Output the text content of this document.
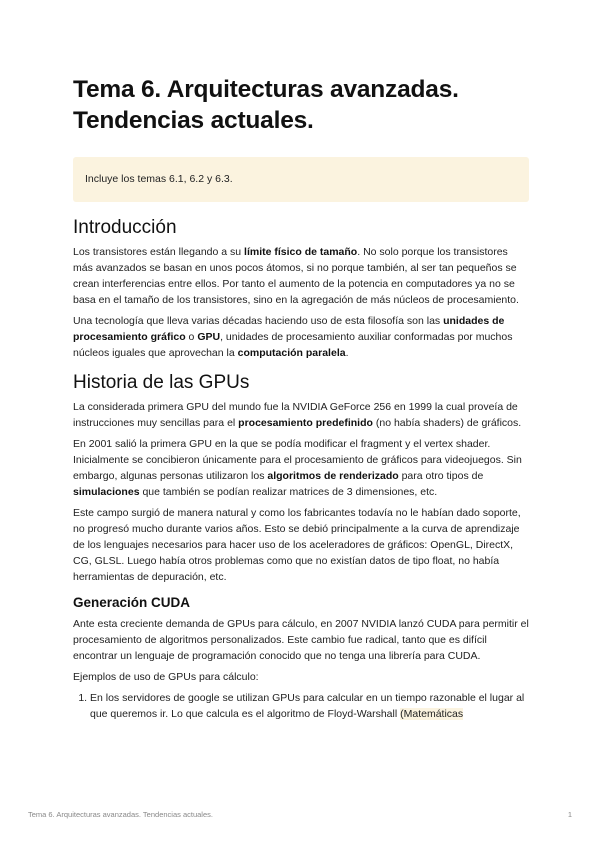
Tema 6. Arquitecturas avanzadas.
Tendencias actuales.
Incluye los temas 6.1, 6.2 y 6.3.
Introducción

Los transistores están llegando a su límite físico de tamaño. No solo porque los transistores más avanzados se basan en unos pocos átomos, si no porque también, al ser tan pequeños se crean interferencias entre ellos. Por tanto el aumento de la potencia en computadores ya no se basa en el tamaño de los transistores, sino en la agregación de más núcleos de procesamiento.

Una tecnología que lleva varias décadas haciendo uso de esta filosofía son las unidades de procesamiento gráfico o GPU, unidades de procesamiento auxiliar conformadas por muchos núcleos iguales que aprovechan la computación paralela.

Historia de las GPUs

La considerada primera GPU del mundo fue la NVIDIA GeForce 256 en 1999 la cual proveía de instrucciones muy sencillas para el procesamiento predefinido (no había shaders) de gráficos.

En 2001 salió la primera GPU en la que se podía modificar el fragment y el vertex shader. Inicialmente se concibieron únicamente para el procesamiento de gráficos para videojuegos. Sin embargo, algunas personas utilizaron los algoritmos de renderizado para otro tipos de simulaciones que también se podían realizar matrices de 3 dimensiones, etc.

Este campo surgió de manera natural y como los fabricantes todavía no le habían dado soporte, no progresó mucho durante varios años. Esto se debió principalmente a la curva de aprendizaje de los lenguajes necesarios para hacer uso de los aceleradores de gráficos: OpenGL, DirectX, CG, GLSL. Luego había otros problemas como que no existían datos de tipo float, no había herramientas de depuración, etc.

Generación CUDA

Ante esta creciente demanda de GPUs para cálculo, en 2007 NVIDIA lanzó CUDA para permitir el procesamiento de algoritmos personalizados. Este cambio fue radical, tanto que es difícil encontrar un lenguaje de programación conocido que no tenga una librería para CUDA.

Ejemplos de uso de GPUs para cálculo:

1. En los servidores de google se utilizan GPUs para calcular en un tiempo razonable el lugar al que queremos ir. Lo que calcula es el algoritmo de Floyd-Warshall (Matemáticas
Tema 6. Arquitecturas avanzadas. Tendencias actuales.	1
